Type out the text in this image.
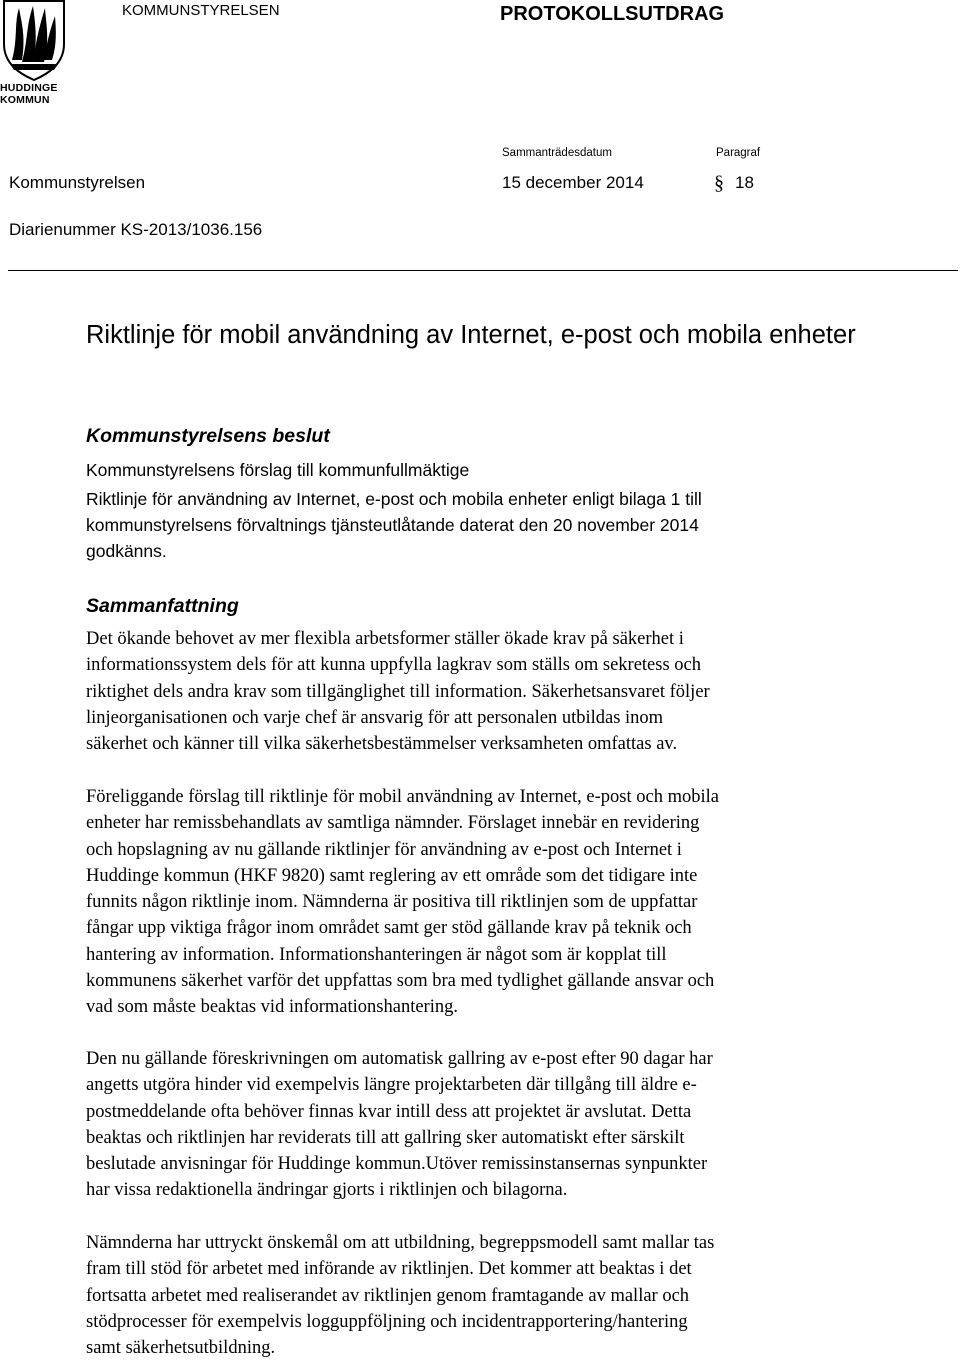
HUDDINGE
KOMMUN
KOMMUNSTYRELSEN	PROTOKOLLSUTDRAG
Sammanträdesdatum	Paragraf
Kommunstyrelsen	15 december 2014	§ 18
Diarienummer KS-2013/1036.156
Riktlinje för mobil användning av Internet, e-post och mobila enheter
Kommunstyrelsens beslut
Kommunstyrelsens förslag till kommunfullmäktige
Riktlinje för användning av Internet, e-post och mobila enheter enligt bilaga 1 till
kommunstyrelsens förvaltnings tjänsteutlåtande daterat den 20 november 2014
godkänns.
Sammanfattning
Det ökande behovet av mer flexibla arbetsformer ställer ökade krav på säkerhet i
informationssystem dels för att kunna uppfylla lagkrav som ställs om sekretess och
riktighet dels andra krav som tillgänglighet till information. Säkerhetsansvaret följer
linjeorganisationen och varje chef är ansvarig för att personalen utbildas inom
säkerhet och känner till vilka säkerhetsbestämmelser verksamheten omfattas av.
Föreliggande förslag till riktlinje för mobil användning av Internet, e-post och mobila
enheter har remissbehandlats av samtliga nämnder. Förslaget innebär en revidering
och hopslagning av nu gällande riktlinjer för användning av e-post och Internet i
Huddinge kommun (HKF 9820) samt reglering av ett område som det tidigare inte
funnits någon riktlinje inom. Nämnderna är positiva till riktlinjen som de uppfattar
fångar upp viktiga frågor inom området samt ger stöd gällande krav på teknik och
hantering av information. Informationshanteringen är något som är kopplat till
kommunens säkerhet varför det uppfattas som bra med tydlighet gällande ansvar och
vad som måste beaktas vid informationshantering.
Den nu gällande föreskrivningen om automatisk gallring av e-post efter 90 dagar har
angetts utgöra hinder vid exempelvis längre projektarbeten där tillgång till äldre e-
postmeddelande ofta behöver finnas kvar intill dess att projektet är avslutat. Detta
beaktas och riktlinjen har reviderats till att gallring sker automatiskt efter särskilt
beslutade anvisningar för Huddinge kommun.Utöver remissinstansernas synpunkter
har vissa redaktionella ändringar gjorts i riktlinjen och bilagorna.
Nämnderna har uttryckt önskemål om att utbildning, begreppsmodell samt mallar tas
fram till stöd för arbetet med införande av riktlinjen. Det kommer att beaktas i det
fortsatta arbetet med realiserandet av riktlinjen genom framtagande av mallar och
stödprocesser för exempelvis logguppföljning och incidentrapportering/hantering
samt säkerhetsutbildning.
